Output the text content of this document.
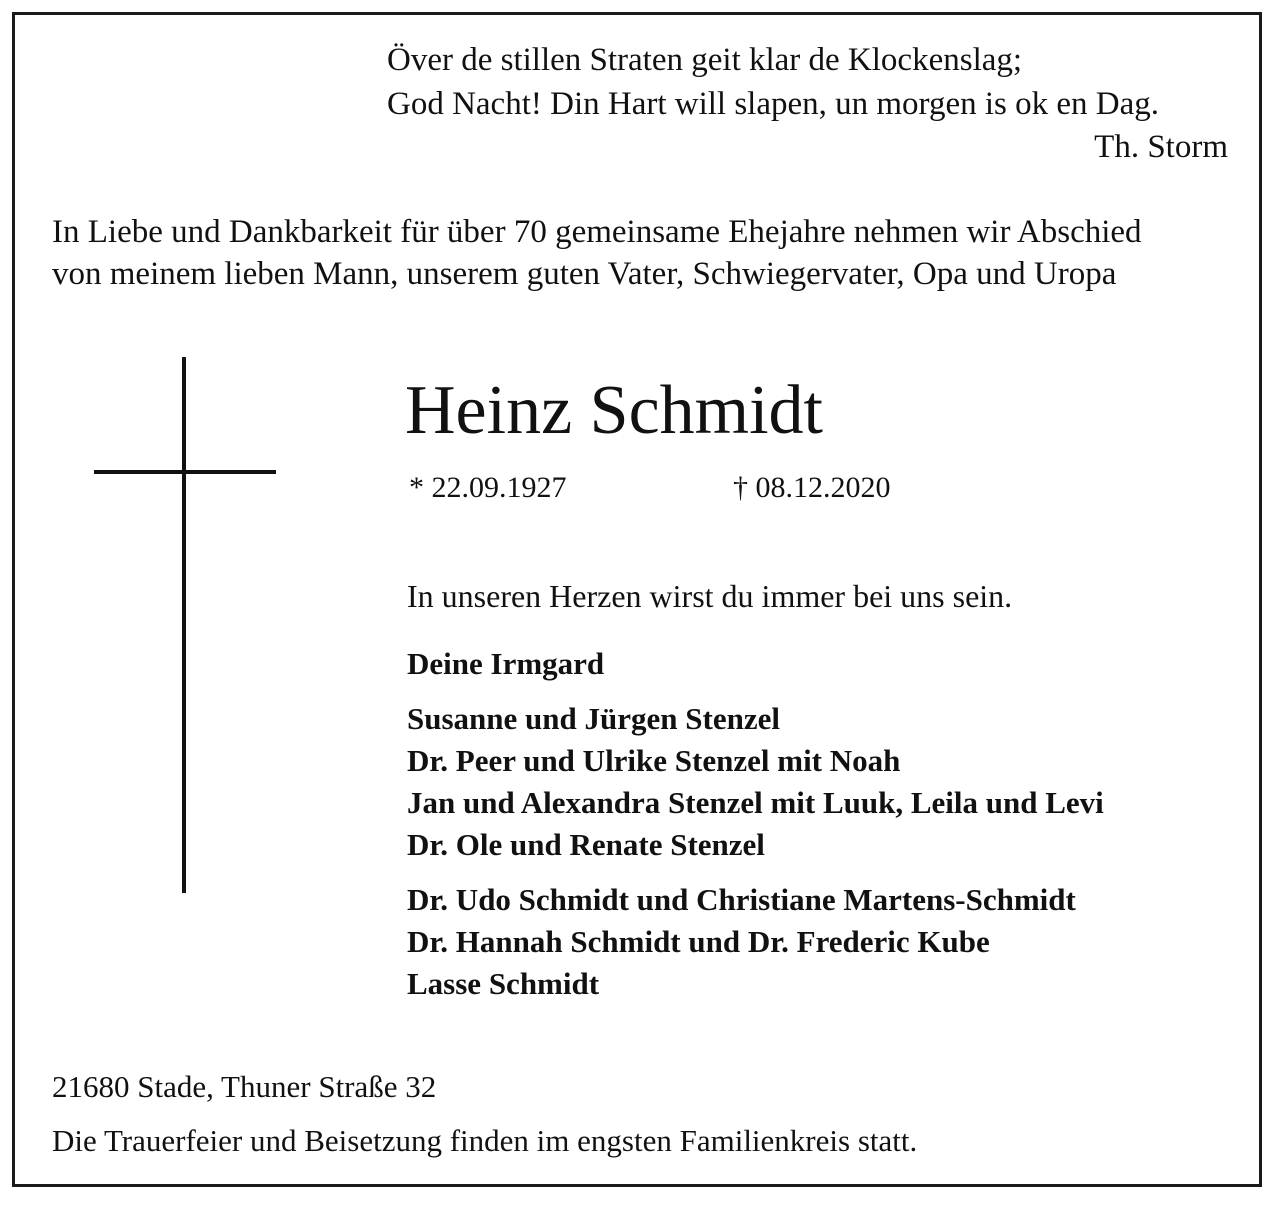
Över de stillen Straten geit klar de Klockenslag;

God Nacht! Din Hart will slapen, un morgen is ok en Dag.

Th. Storm

In Liebe und Dankbarkeit für über 70 gemeinsame Ehejahre nehmen wir Abschied

von meinem lieben Mann, unserem guten Vater, Schwiegervater, Opa und Uropa

Heinz Schmidt

* 22.09.1927	† 08.12.2020

In unseren Herzen wirst du immer bei uns sein.

Deine Irmgard

Susanne und Jürgen Stenzel

Dr. Peer und Ulrike Stenzel mit Noah

Jan und Alexandra Stenzel mit Luuk, Leila und Levi

Dr. Ole und Renate Stenzel

Dr. Udo Schmidt und Christiane Martens-Schmidt

Dr. Hannah Schmidt und Dr. Frederic Kube

Lasse Schmidt

21680 Stade, Thuner Straße 32

Die Trauerfeier und Beisetzung finden im engsten Familienkreis statt.
